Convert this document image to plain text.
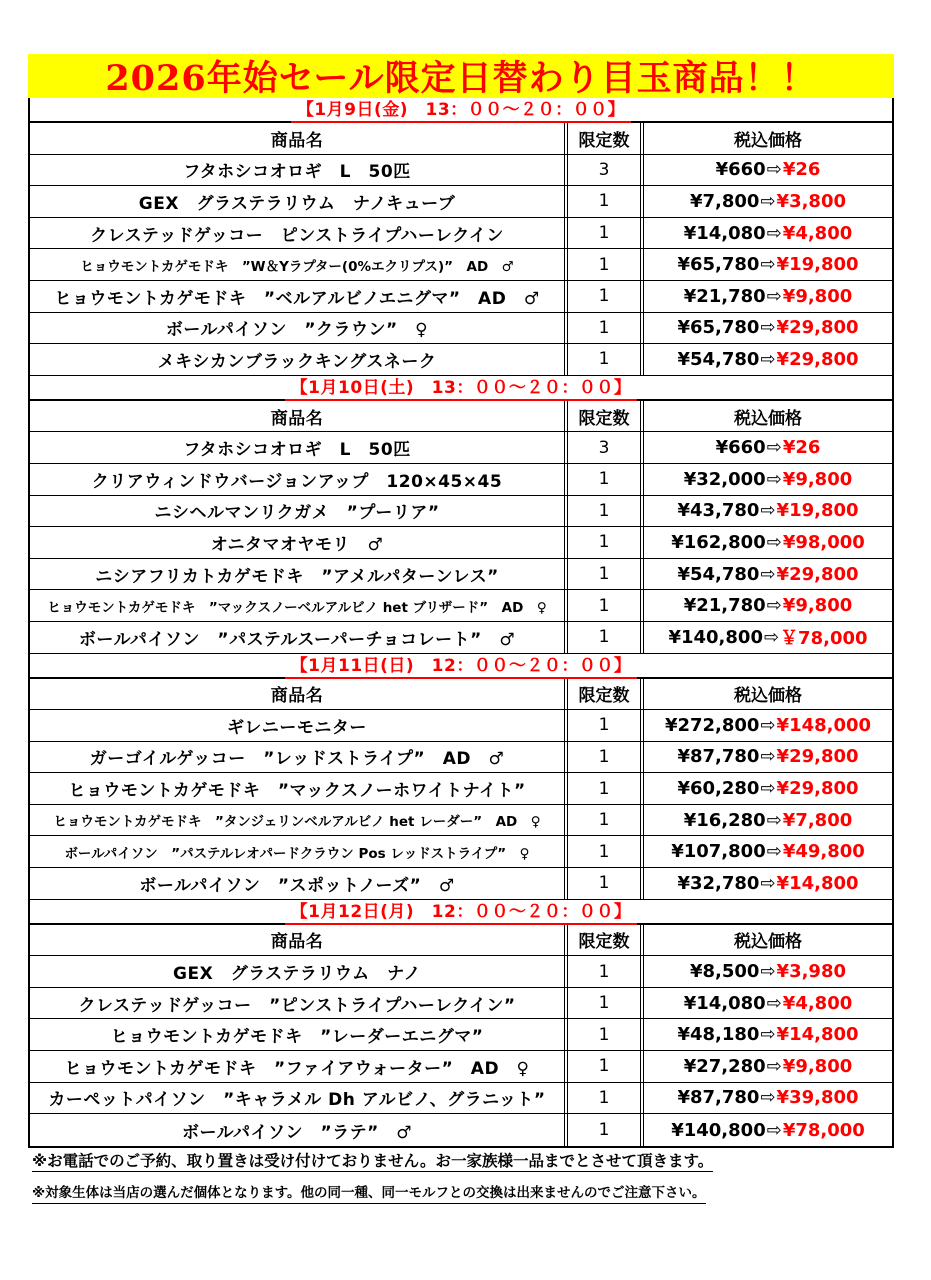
2026年始セール限定日替わり目玉商品！！
【1月9日(金)　13：００～２０：００】
商品名	限定数	税込価格
フタホシコオロギ　L　50匹	3	¥660 ⇨ ¥26
GEX　グラステラリウム　ナノキューブ	1	¥7,800 ⇨ ¥3,800
クレステッドゲッコー　ピンストライプハーレクイン	1	¥14,080 ⇨ ¥4,800
ヒョウモントカゲモドキ　”W＆Yラプター(0%エクリプス)”　AD　♂	1	¥65,780 ⇨ ¥19,800
ヒョウモントカゲモドキ　”ベルアルビノエニグマ”　AD　♂	1	¥21,780 ⇨ ¥9,800
ボールパイソン　”クラウン”　♀	1	¥65,780 ⇨ ¥29,800
メキシカンブラックキングスネーク	1	¥54,780 ⇨ ¥29,800
【1月10日(土)　13：００～２０：００】
商品名	限定数	税込価格
フタホシコオロギ　L　50匹	3	¥660 ⇨ ¥26
クリアウィンドウバージョンアップ　120×45×45	1	¥32,000 ⇨ ¥9,800
ニシヘルマンリクガメ　”プーリア”	1	¥43,780 ⇨ ¥19,800
オニタマオヤモリ　♂	1	¥162,800 ⇨ ¥98,000
ニシアフリカトカゲモドキ　”アメルパターンレス”	1	¥54,780 ⇨ ¥29,800
ヒョウモントカゲモドキ　”マックスノーベルアルビノ het ブリザード”　AD　♀	1	¥21,780 ⇨ ¥9,800
ボールパイソン　”パステルスーパーチョコレート”　♂	1	¥140,800 ⇨ ￥78,000
【1月11日(日)　12：００～２０：００】
商品名	限定数	税込価格
ギレニーモニター	1	¥272,800 ⇨ ¥148,000
ガーゴイルゲッコー　”レッドストライプ”　AD　♂	1	¥87,780 ⇨ ¥29,800
ヒョウモントカゲモドキ　”マックスノーホワイトナイト”	1	¥60,280 ⇨ ¥29,800
ヒョウモントカゲモドキ　”タンジェリンベルアルビノ het レーダー”　AD　♀	1	¥16,280 ⇨ ¥7,800
ボールパイソン　”パステルレオパードクラウン Pos レッドストライプ”　♀	1	¥107,800 ⇨ ¥49,800
ボールパイソン　”スポットノーズ”　♂	1	¥32,780 ⇨ ¥14,800
【1月12日(月)　12：００～２０：００】
商品名	限定数	税込価格
GEX　グラステラリウム　ナノ	1	¥8,500 ⇨ ¥3,980
クレステッドゲッコー　”ピンストライプハーレクイン”	1	¥14,080 ⇨ ¥4,800
ヒョウモントカゲモドキ　”レーダーエニグマ”	1	¥48,180 ⇨ ¥14,800
ヒョウモントカゲモドキ　”ファイアウォーター”　AD　♀	1	¥27,280 ⇨ ¥9,800
カーペットパイソン　”キャラメル Dh アルビノ、グラニット”	1	¥87,780 ⇨ ¥39,800
ボールパイソン　”ラテ”　♂	1	¥140,800 ⇨ ¥78,000
※お電話でのご予約、取り置きは受け付けておりません。お一家族様一品までとさせて頂きます。
※対象生体は当店の選んだ個体となります。他の同一種、同一モルフとの交換は出来ませんのでご注意下さい。
